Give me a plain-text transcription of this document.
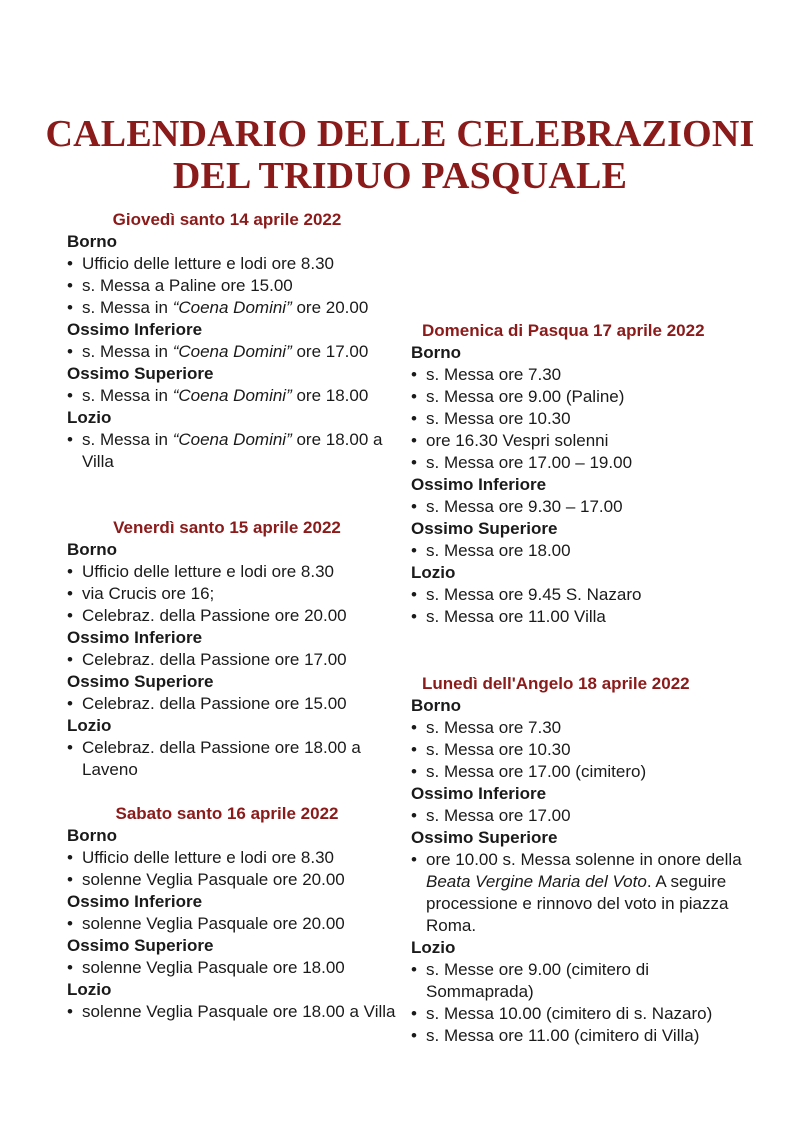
CALENDARIO DELLE CELEBRAZIONI
DEL TRIDUO PASQUALE
Giovedì santo 14 aprile 2022
Borno
• Ufficio delle letture e lodi ore 8.30
• s. Messa a Paline ore 15.00
• s. Messa in “Coena Domini” ore 20.00
Ossimo Inferiore
• s. Messa in “Coena Domini” ore 17.00
Ossimo Superiore
• s. Messa in “Coena Domini” ore 18.00
Lozio
• s. Messa in “Coena Domini” ore 18.00 a Villa
Venerdì santo 15 aprile 2022
Borno
• Ufficio delle letture e lodi ore 8.30
• via Crucis ore 16;
• Celebraz. della Passione ore 20.00
Ossimo Inferiore
• Celebraz. della Passione ore 17.00
Ossimo Superiore
• Celebraz. della Passione ore 15.00
Lozio
• Celebraz. della Passione ore 18.00 a Laveno
Sabato santo 16 aprile 2022
Borno
• Ufficio delle letture e lodi ore 8.30
• solenne Veglia Pasquale ore 20.00
Ossimo Inferiore
• solenne Veglia Pasquale ore 20.00
Ossimo Superiore
• solenne Veglia Pasquale ore 18.00
Lozio
• solenne Veglia Pasquale ore 18.00 a Villa
Domenica di Pasqua 17 aprile 2022
Borno
• s. Messa ore 7.30
• s. Messa ore 9.00 (Paline)
• s. Messa ore 10.30
• ore 16.30 Vespri solenni
• s. Messa ore 17.00 – 19.00
Ossimo Inferiore
• s. Messa ore 9.30 – 17.00
Ossimo Superiore
• s. Messa ore 18.00
Lozio
• s. Messa ore 9.45 S. Nazaro
• s. Messa ore 11.00 Villa
Lunedì dell'Angelo 18 aprile 2022
Borno
• s. Messa ore 7.30
• s. Messa ore 10.30
• s. Messa ore 17.00 (cimitero)
Ossimo Inferiore
• s. Messa ore 17.00
Ossimo Superiore
• ore 10.00 s. Messa solenne in onore della Beata Vergine Maria del Voto. A seguire processione e rinnovo del voto in piazza Roma.
Lozio
• s. Messe ore 9.00 (cimitero di Sommaprada)
• s. Messa 10.00 (cimitero di s. Nazaro)
• s. Messa ore 11.00 (cimitero di Villa)
